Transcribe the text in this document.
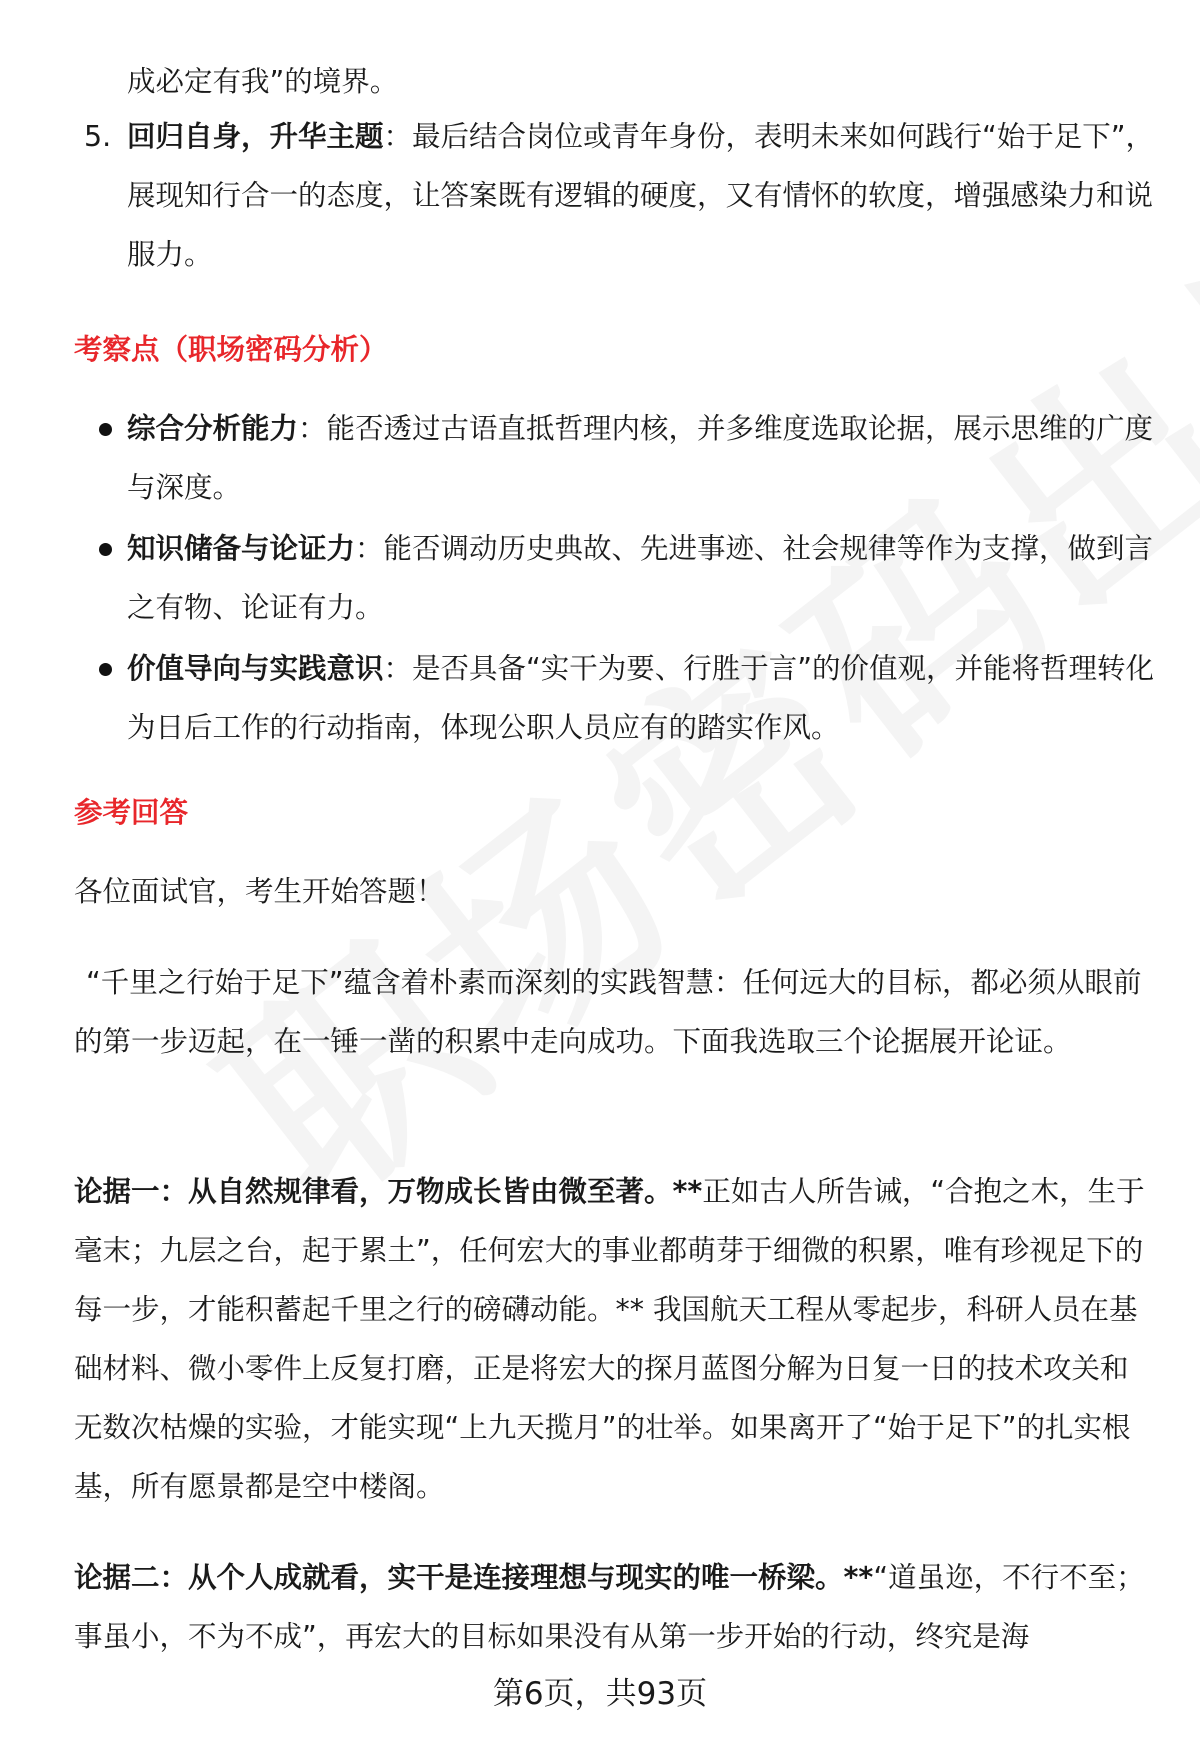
成必定有我”的境界。

5. 回归自身，升华主题：最后结合岗位或青年身份，表明未来如何践行“始于足下”，展现知行合一的态度，让答案既有逻辑的硬度，又有情怀的软度，增强感染力和说服力。

考察点（职场密码分析）

综合分析能力：能否透过古语直抵哲理内核，并多维度选取论据，展示思维的广度与深度。

知识储备与论证力：能否调动历史典故、先进事迹、社会规律等作为支撑，做到言之有物、论证有力。

价值导向与实践意识：是否具备“实干为要、行胜于言”的价值观，并能将哲理转化为日后工作的行动指南，体现公职人员应有的踏实作风。

参考回答

各位面试官，考生开始答题！

“千里之行始于足下”蕴含着朴素而深刻的实践智慧：任何远大的目标，都必须从眼前的第一步迈起，在一锤一凿的积累中走向成功。下面我选取三个论据展开论证。

论据一：从自然规律看，万物成长皆由微至著。**正如古人所告诫，“合抱之木，生于毫末；九层之台，起于累土”，任何宏大的事业都萌芽于细微的积累，唯有珍视足下的每一步，才能积蓄起千里之行的磅礴动能。** 我国航天工程从零起步，科研人员在基础材料、微小零件上反复打磨，正是将宏大的探月蓝图分解为日复一日的技术攻关和无数次枯燥的实验，才能实现“上九天揽月”的壮举。如果离开了“始于足下”的扎实根基，所有愿景都是空中楼阁。

论据二：从个人成就看，实干是连接理想与现实的唯一桥梁。**“道虽迩，不行不至；事虽小，不为不成”，再宏大的目标如果没有从第一步开始的行动，终究是海

第6页，共93页
